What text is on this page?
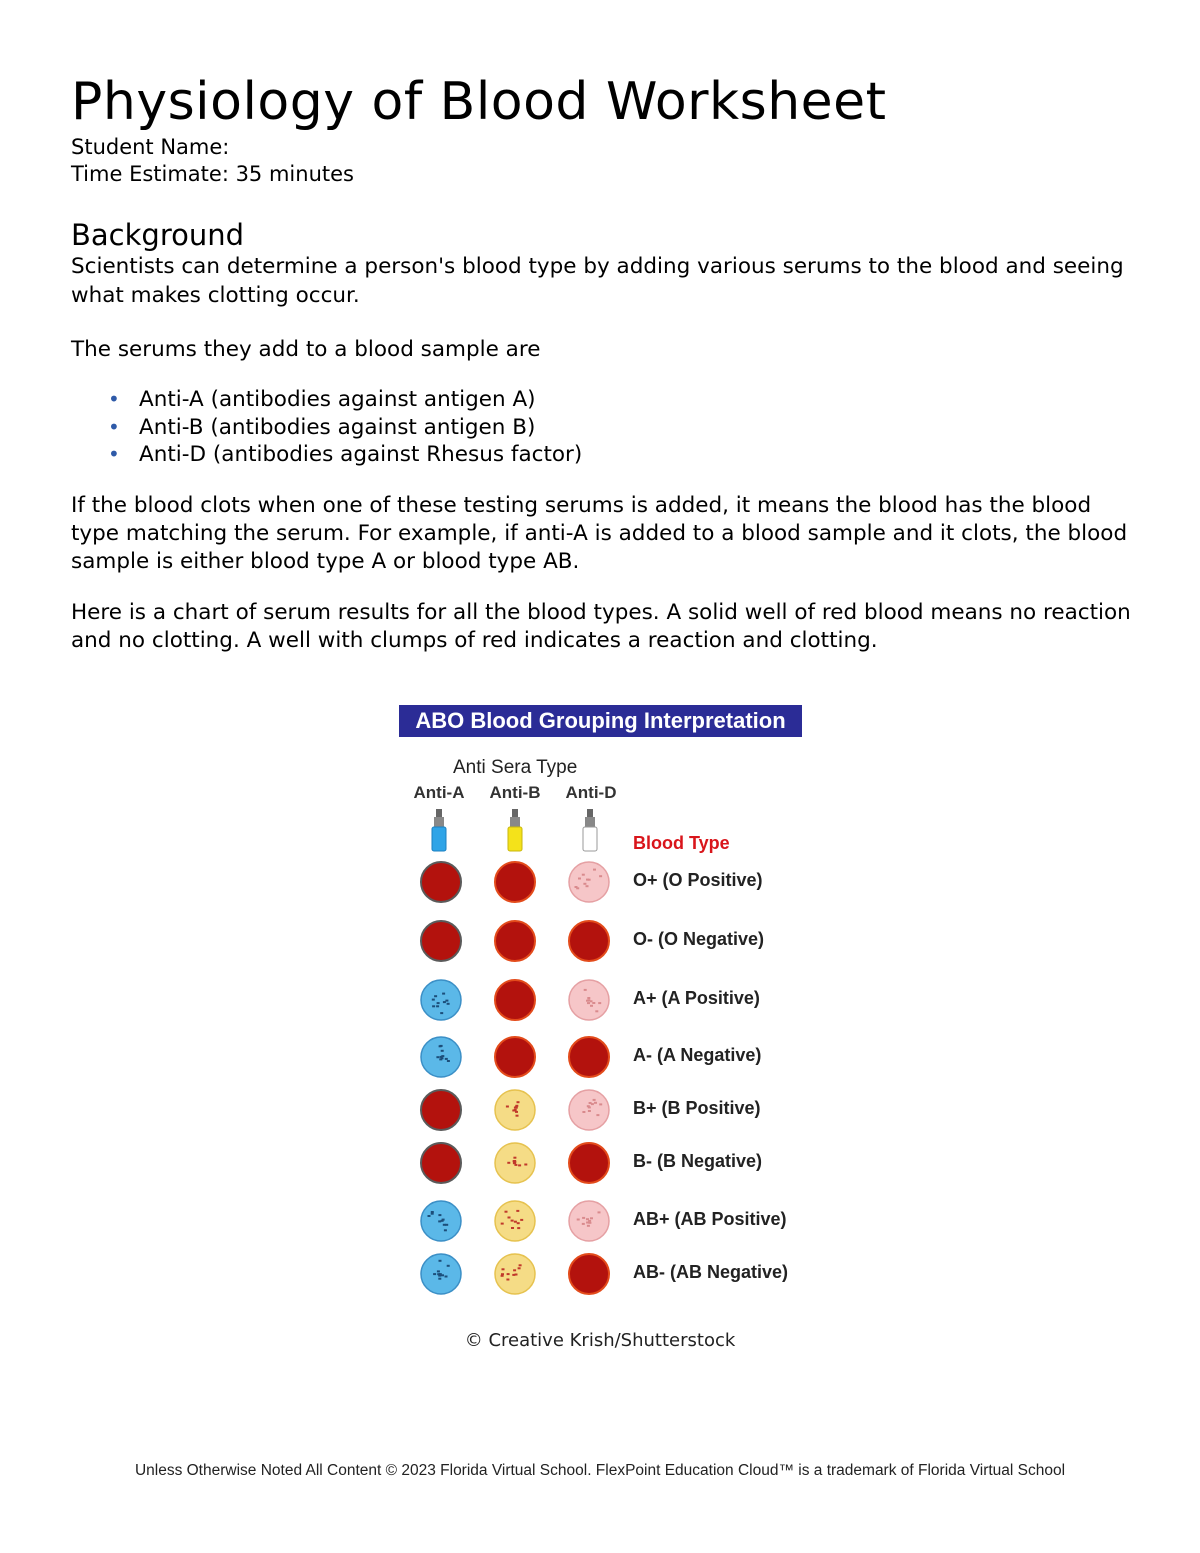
Physiology of Blood Worksheet
Student Name:
Time Estimate: 35 minutes
Background

Scientists can determine a person's blood type by adding various serums to the blood and seeing what makes clotting occur.

The serums they add to a blood sample are

• Anti-A (antibodies against antigen A)
• Anti-B (antibodies against antigen B)
• Anti-D (antibodies against Rhesus factor)

If the blood clots when one of these testing serums is added, it means the blood has the blood type matching the serum. For example, if anti-A is added to a blood sample and it clots, the blood sample is either blood type A or blood type AB.

Here is a chart of serum results for all the blood types. A solid well of red blood means no reaction and no clotting. A well with clumps of red indicates a reaction and clotting.

ABO Blood Grouping Interpretation
Anti Sera Type
Anti-A	Anti-B	Anti-D
Blood Type
O+ (O Positive)
O- (O Negative)
A+ (A Positive)
A- (A Negative)
B+ (B Positive)
B- (B Negative)
AB+ (AB Positive)
AB- (AB Negative)
© Creative Krish/Shutterstock
Unless Otherwise Noted All Content © 2023 Florida Virtual School. FlexPoint Education Cloud™ is a trademark of Florida Virtual School
